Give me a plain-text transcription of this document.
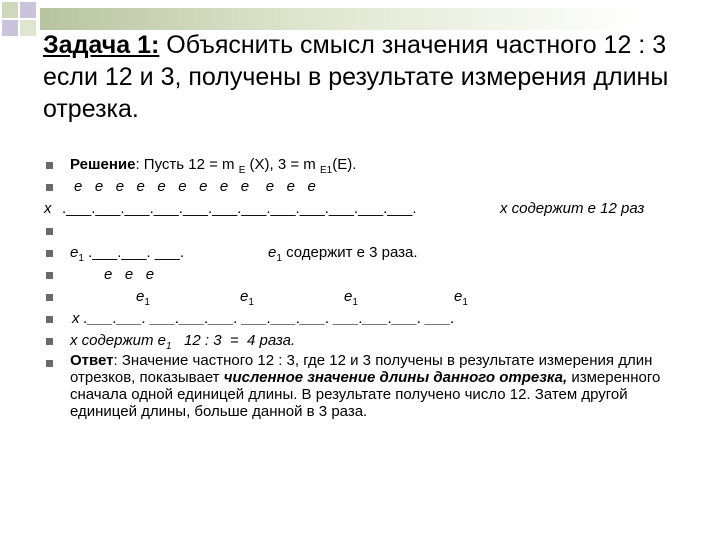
Задача 1: Объяснить смысл значения частного 12 : 3 если 12 и 3, получены в результате измерения длины отрезка.
Решение: Пусть 12 = m $_E$ (X), 3 = m $_{E1}$(E).
e   e   e   e   e   e   e   e   e    e   e   e
x .___.___.___.___.___.___.___.___.___.___.___.___.	x содержит e 12 раз
$e_1$ .___.___. ___.	$e_1$ содержит e 3 раза.
e   e   e
$e_1$	$e_1$	$e_1$	$e_1$
x .___.___. ___.___.___. ___.___.___. ___.___.___. ___.
x содержит $e_1$   12 : 3  =  4 раза.
Ответ: Значение частного 12 : 3, где 12 и 3 получены в результате измерения длин отрезков, показывает численное значение длины данного отрезка, измеренного сначала одной единицей длины. В результате получено число 12. Затем другой единицей длины, больше данной в 3 раза.
